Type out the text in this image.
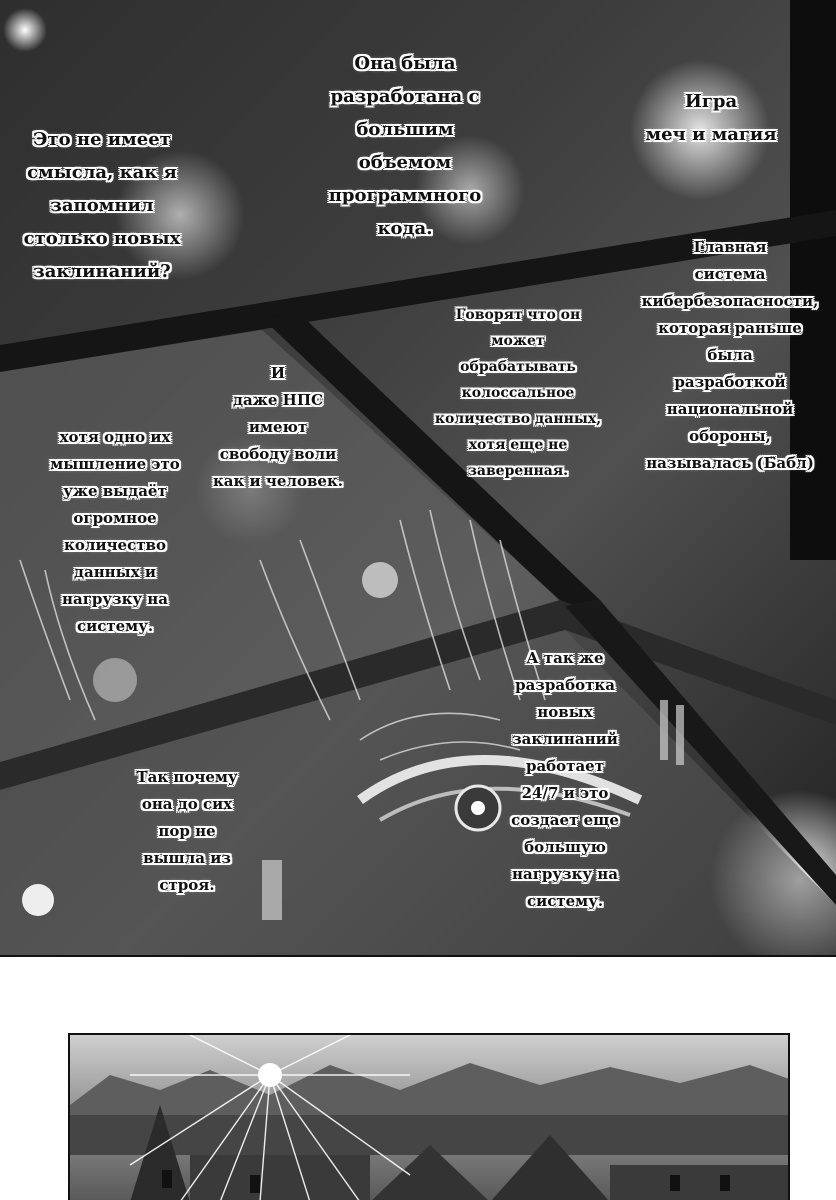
Игра
меч и магия

Она была
разработана с
большим
объемом
программного
кода.

Это не имеет
смысла, как я
запомнил
столько новых
заклинаний?

Главная
система
кибербезопасности,
которая раньше
была
разработкой
национальной
обороны,
называлась (Бабл)

Говорят что он
может
обрабатывать
колоссальное
количество данных,
хотя еще не
заверенная.

И
даже НПС
имеют
свободу воли
как и человек.

хотя одно их
мышление это
уже выдаёт
огромное
количество
данных и
нагрузку на
систему.

А так же
разработка
новых
заклинаний
работает
24/7 и это
создает еще
большую
нагрузку на
систему.

Так почему
она до сих
пор не
вышла из
строя.
